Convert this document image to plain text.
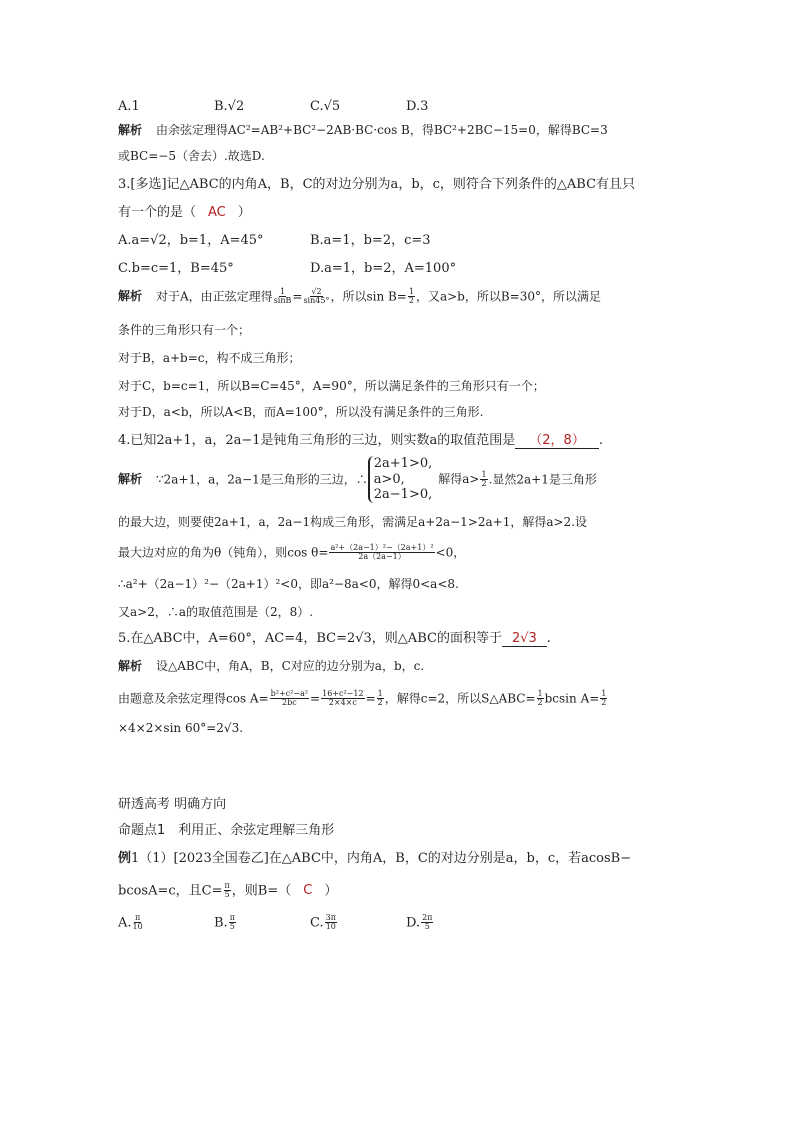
A.1	B.√2	C.√5	D.3
解析 由余弦定理得AC²=AB²+BC²−2AB·BC·cos B，得BC²+2BC−15=0，解得BC=3
或BC=−5（舍去）.故选D.
3.[多选]记△ABC的内角A，B，C的对边分别为a，b，c，则符合下列条件的△ABC有且只
有一个的是（ AC ）
A.a=√2，b=1，A=45°	B.a=1，b=2，c=3
C.b=c=1，B=45°	D.a=1，b=2，A=100°
解析 对于A，由正弦定理得 $\frac{1}{\sin B} = \frac{√2}{\sin 45^\circ}$ ，所以$\sin B= \frac{1}{2}$ ，又a>b，所以B=30°，所以满足
条件的三角形只有一个；
对于B，a+b=c，构不成三角形；
对于C，b=c=1，所以B=C=45°，A=90°，所以满足条件的三角形只有一个；
对于D，a<b，所以A<B，而A=100°，所以没有满足条件的三角形.
4.已知2a+1，a，2a−1是钝角三角形的三边，则实数a的取值范围是 （2，8） .
解析 ∵2a+1，a，2a−1是三角形的三边，∴
2a+1>0,
a>0,
2a−1>0,
解得$a> \frac{1}{2}$ .显然2a+1是三角形
的最大边，则要使2a+1，a，2a−1构成三角形，需满足a+2a−1>2a+1，解得a>2.设
最大边对应的角为θ（钝角），则$\cos \theta= \frac{\text{a²+（2a−1）²−（2a+1）²}}{2a(2a-1)} <0$，
∴a²+（2a−1）²−（2a+1）²<0，即a²−8a<0，解得0<a<8.
又a>2，∴a的取值范围是（2，8）.
5.在△ABC中，A=60°，AC=4，BC=2√3，则△ABC的面积等于 2√3 .
解析 设△ABC中，角A，B，C对应的边分别为a，b，c.
由题意及余弦定理得$\cos A= \frac{\text{b²+c²−a²}}{2bc} = \frac{\text{16+c²−12}}{2\times 4\times c} = \frac{1}{2}$ ，解得c=2，所以S△ABC= $\frac{1}{2}$ bcsin $A= \frac{1}{2}$
×4×2×sin 60°=2√3.
研透高考 明确方向
命题点1　利用正、余弦定理解三角形
例1（1）[2023全国卷乙]在△ABC中，内角A，B，C的对边分别是a，b，c，若acosB−
bcosA=c，且$C= \frac{\pi}{5}$ ，则B=（ C ）
A. $\frac{\pi}{10}$	B. $\frac{\pi}{5}$	C. $\frac{3\pi}{10}$	D. $\frac{2\pi}{5}$
